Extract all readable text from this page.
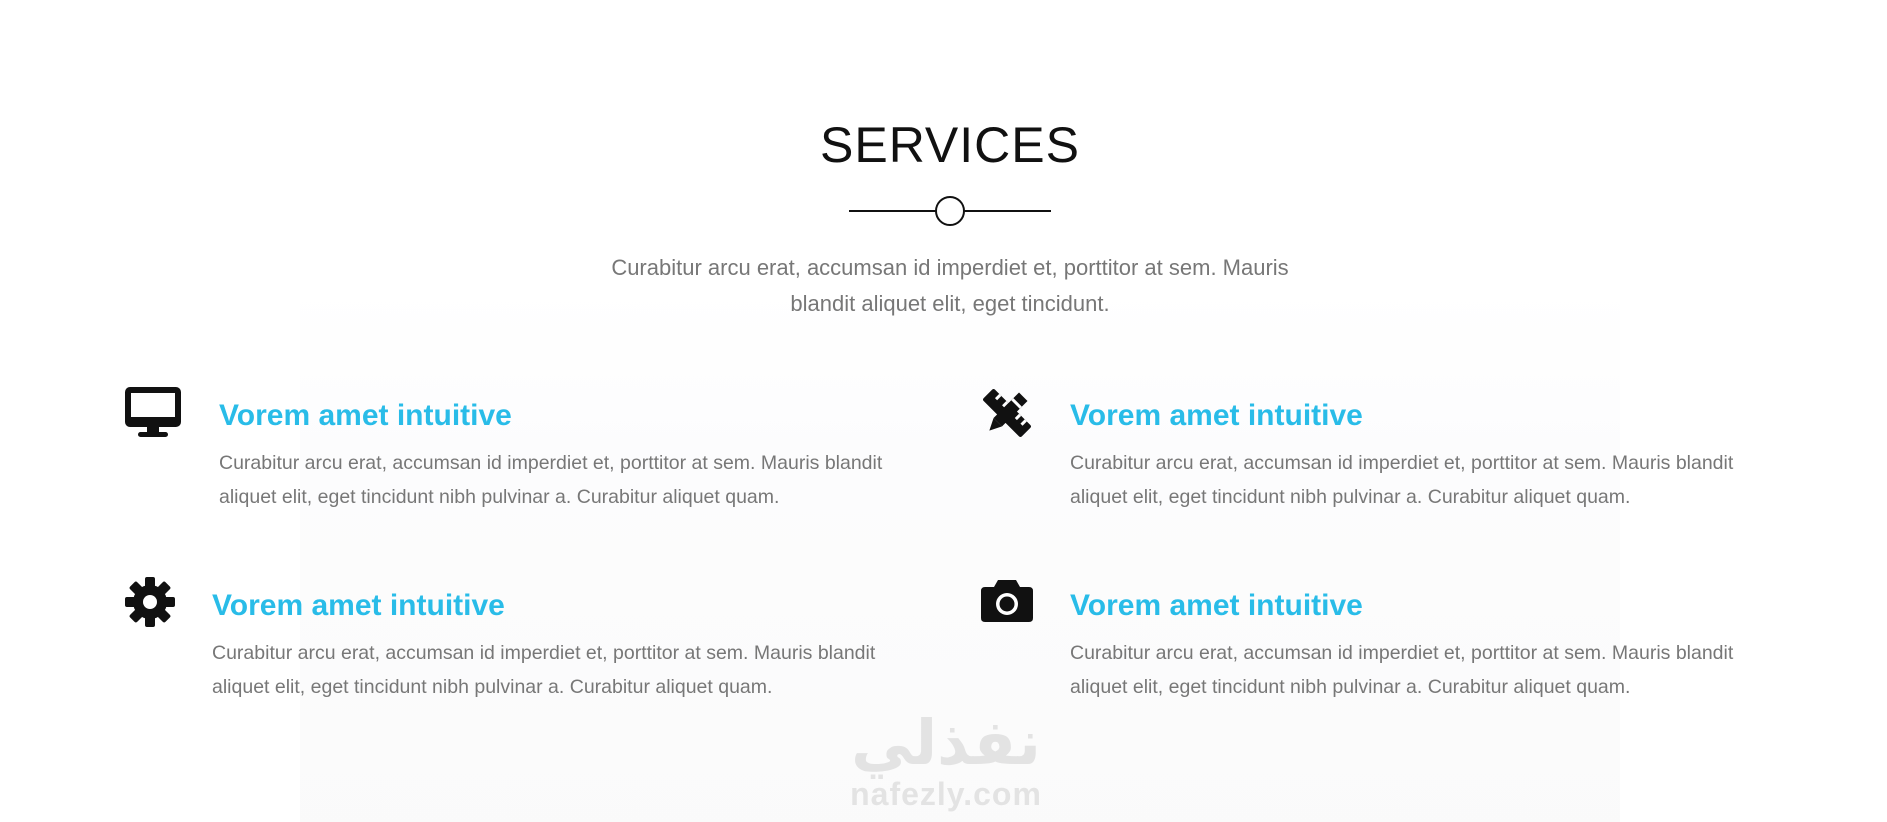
SERVICES

Curabitur arcu erat, accumsan id imperdiet et, porttitor at sem. Mauris blandit aliquet elit, eget tincidunt.

Vorem amet intuitive

Curabitur arcu erat, accumsan id imperdiet et, porttitor at sem. Mauris blandit aliquet elit, eget tincidunt nibh pulvinar a. Curabitur aliquet quam.

Vorem amet intuitive

Curabitur arcu erat, accumsan id imperdiet et, porttitor at sem. Mauris blandit aliquet elit, eget tincidunt nibh pulvinar a. Curabitur aliquet quam.

Vorem amet intuitive

Curabitur arcu erat, accumsan id imperdiet et, porttitor at sem. Mauris blandit aliquet elit, eget tincidunt nibh pulvinar a. Curabitur aliquet quam.

Vorem amet intuitive

Curabitur arcu erat, accumsan id imperdiet et, porttitor at sem. Mauris blandit aliquet elit, eget tincidunt nibh pulvinar a. Curabitur aliquet quam.

نفذلي
nafezly.com
